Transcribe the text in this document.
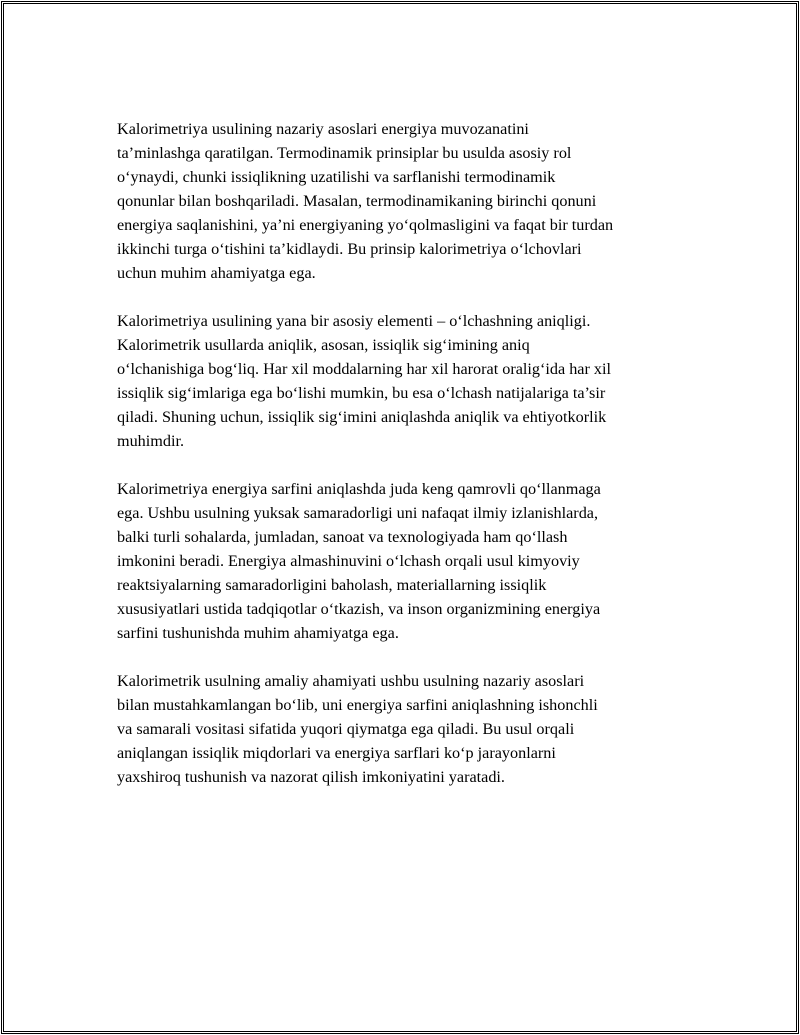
Kalorimetriya usulining nazariy asoslari energiya muvozanatini
ta’minlashga qaratilgan. Termodinamik prinsiplar bu usulda asosiy rol
o‘ynaydi, chunki issiqlikning uzatilishi va sarflanishi termodinamik
qonunlar bilan boshqariladi. Masalan, termodinamikaning birinchi qonuni
energiya saqlanishini, ya’ni energiyaning yo‘qolmasligini va faqat bir turdan
ikkinchi turga o‘tishini ta’kidlaydi. Bu prinsip kalorimetriya o‘lchovlari
uchun muhim ahamiyatga ega.

Kalorimetriya usulining yana bir asosiy elementi – o‘lchashning aniqligi.
Kalorimetrik usullarda aniqlik, asosan, issiqlik sig‘imining aniq
o‘lchanishiga bog‘liq. Har xil moddalarning har xil harorat oralig‘ida har xil
issiqlik sig‘imlariga ega bo‘lishi mumkin, bu esa o‘lchash natijalariga ta’sir
qiladi. Shuning uchun, issiqlik sig‘imini aniqlashda aniqlik va ehtiyotkorlik
muhimdir.

Kalorimetriya energiya sarfini aniqlashda juda keng qamrovli qo‘llanmaga
ega. Ushbu usulning yuksak samaradorligi uni nafaqat ilmiy izlanishlarda,
balki turli sohalarda, jumladan, sanoat va texnologiyada ham qo‘llash
imkonini beradi. Energiya almashinuvini o‘lchash orqali usul kimyoviy
reaktsiyalarning samaradorligini baholash, materiallarning issiqlik
xususiyatlari ustida tadqiqotlar o‘tkazish, va inson organizmining energiya
sarfini tushunishda muhim ahamiyatga ega.

Kalorimetrik usulning amaliy ahamiyati ushbu usulning nazariy asoslari
bilan mustahkamlangan bo‘lib, uni energiya sarfini aniqlashning ishonchli
va samarali vositasi sifatida yuqori qiymatga ega qiladi. Bu usul orqali
aniqlangan issiqlik miqdorlari va energiya sarflari ko‘p jarayonlarni
yaxshiroq tushunish va nazorat qilish imkoniyatini yaratadi.
